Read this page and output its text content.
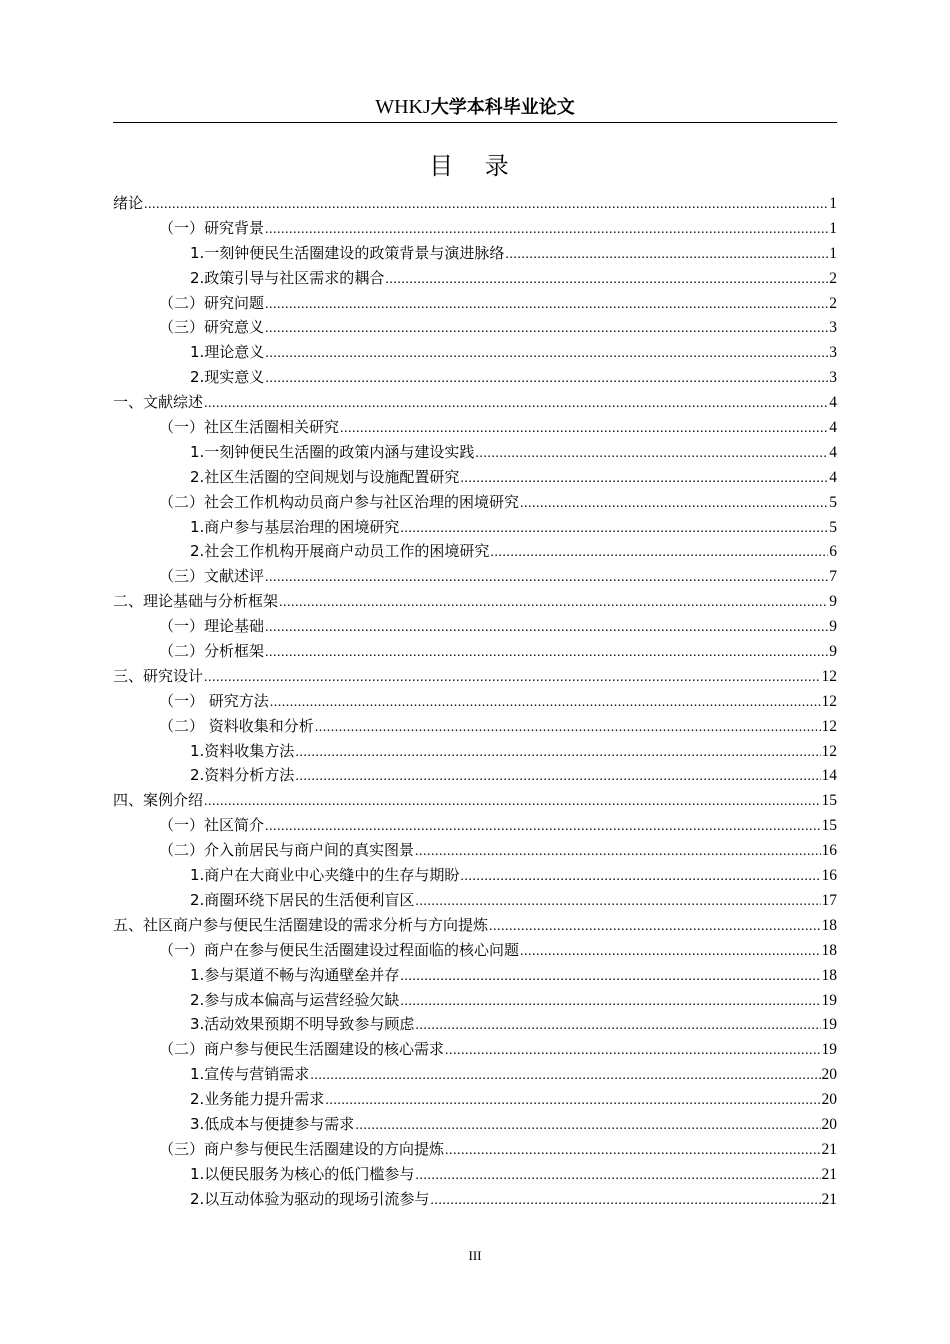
WHKJ大学本科毕业论文
目 录
绪论 .....	1
（一）研究背景 .....	1
1.一刻钟便民生活圈建设的政策背景与演进脉络 .....	1
2.政策引导与社区需求的耦合 .....	2
（二）研究问题 .....	2
（三）研究意义 .....	3
1.理论意义 .....	3
2.现实意义 .....	3
一、文献综述 .....	4
（一）社区生活圈相关研究 .....	4
1.一刻钟便民生活圈的政策内涵与建设实践 .....	4
2.社区生活圈的空间规划与设施配置研究 .....	4
（二）社会工作机构动员商户参与社区治理的困境研究 .....	5
1.商户参与基层治理的困境研究 .....	5
2.社会工作机构开展商户动员工作的困境研究 .....	6
（三）文献述评 .....	7
二、理论基础与分析框架 .....	9
（一）理论基础 .....	9
（二）分析框架 .....	9
三、研究设计 .....	12
（一） 研究方法 .....	12
（二） 资料收集和分析 .....	12
1.资料收集方法 .....	12
2.资料分析方法 .....	14
四、案例介绍 .....	15
（一）社区简介 .....	15
（二）介入前居民与商户间的真实图景 .....	16
1.商户在大商业中心夹缝中的生存与期盼 .....	16
2.商圈环绕下居民的生活便利盲区 .....	17
五、社区商户参与便民生活圈建设的需求分析与方向提炼 .....	18
（一）商户在参与便民生活圈建设过程面临的核心问题 .....	18
1.参与渠道不畅与沟通壁垒并存 .....	18
2.参与成本偏高与运营经验欠缺 .....	19
3.活动效果预期不明导致参与顾虑 .....	19
（二）商户参与便民生活圈建设的核心需求 .....	19
1.宣传与营销需求 .....	20
2.业务能力提升需求 .....	20
3.低成本与便捷参与需求 .....	20
（三）商户参与便民生活圈建设的方向提炼 .....	21
1.以便民服务为核心的低门槛参与 .....	21
2.以互动体验为驱动的现场引流参与 .....	21
III
